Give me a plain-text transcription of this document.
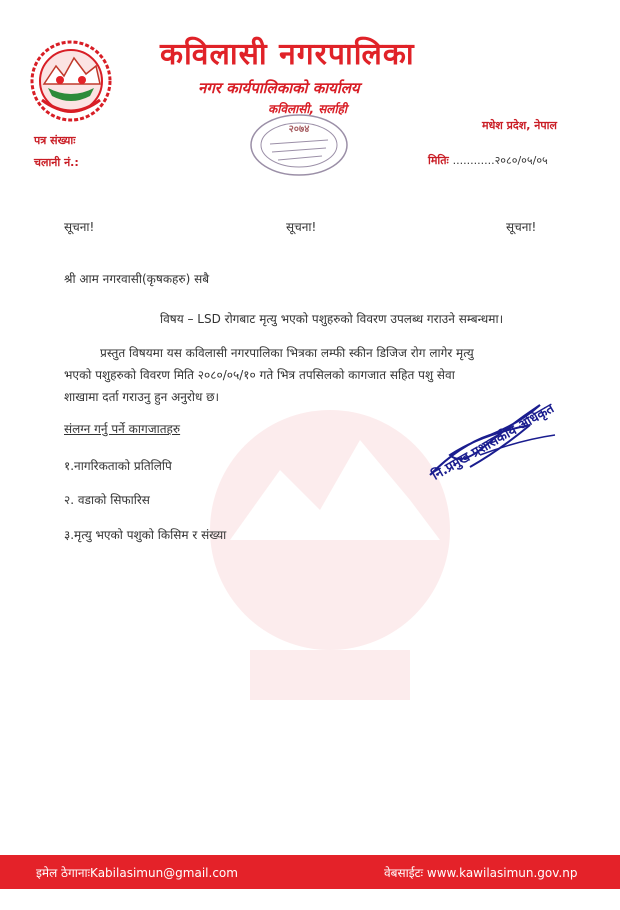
कविलासी नगरपालिका
नगर कार्यपालिकाको कार्यालय
कविलासी, सर्लाही
२०७४
पत्र संख्याः
चलानी नं.:
मधेश प्रदेश, नेपाल
मितिः ............२०८०/०५/०५
सूचना!	सूचना!	सूचना!
श्री आम नगरवासी(कृषकहरु) सबै
विषय – LSD रोगबाट मृत्यु भएको पशुहरुको विवरण उपलब्ध गराउने सम्बन्धमा।
प्रस्तुत विषयमा यस कविलासी नगरपालिका भित्रका लम्फी स्कीन डिजिज रोग लागेर मृत्यु
भएको पशुहरुको विवरण मिति २०८०/०५/१० गते भित्र तपसिलको कागजात सहित पशु सेवा
शाखामा दर्ता गराउनु हुन अनुरोध छ।
संलग्न गर्नु पर्ने कागजातहरु
१.नागरिकताको प्रतिलिपि
२. वडाको सिफारिस
३.मृत्यु भएको पशुको किसिम र संख्या
नि.प्रमुख प्रशासकीय अधिकृत
इमेल ठेगानाःKabilasimun@gmail.com	वेबसाईटः www.kawilasimun.gov.np
